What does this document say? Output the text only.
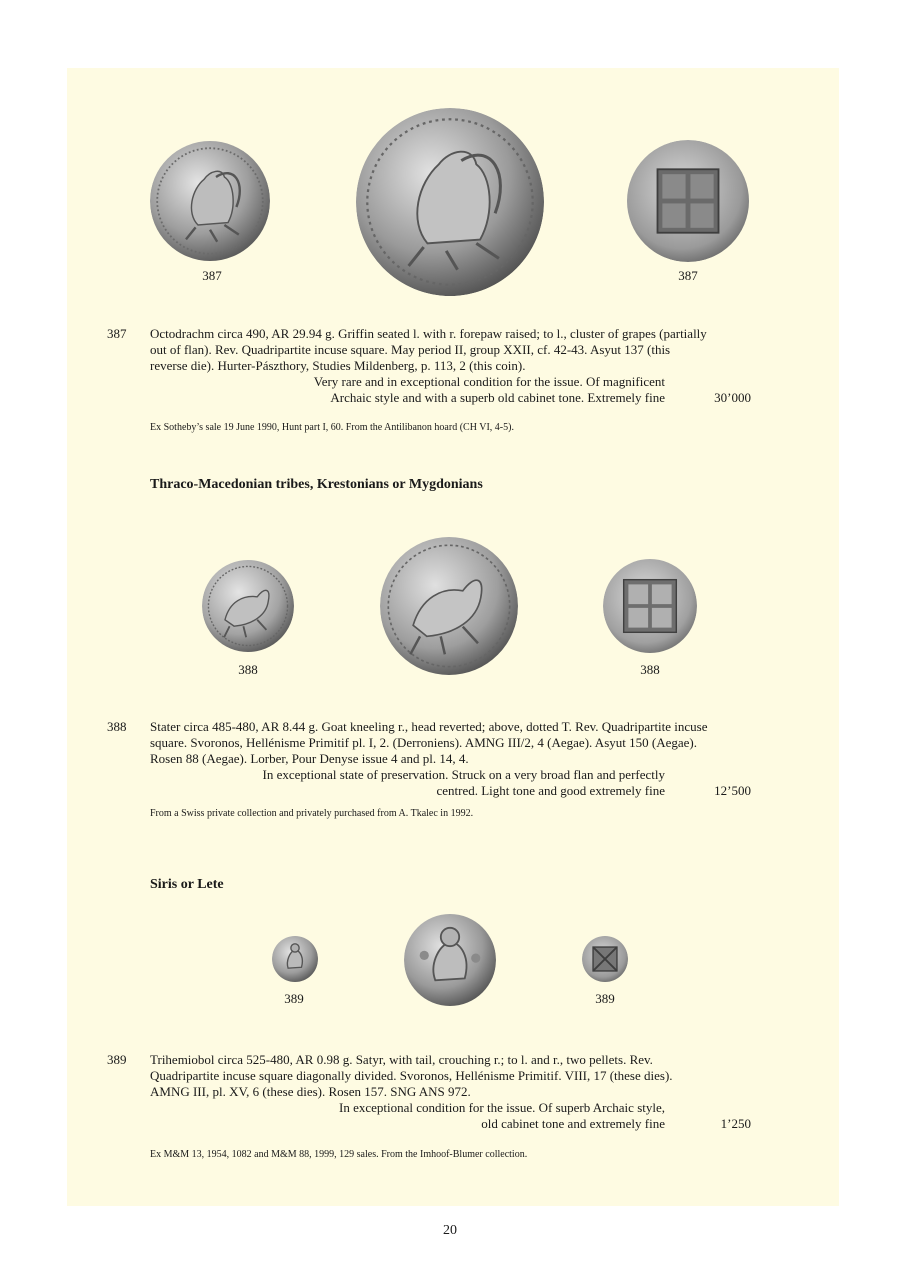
387	387
387 Octodrachm circa 490, AR 29.94 g. Griffin seated l. with r. forepaw raised; to l., cluster of grapes (partially

out of flan). Rev. Quadripartite incuse square. May period II, group XXII, cf. 42-43. Asyut 137 (this

reverse die). Hurter-Pászthory, Studies Mildenberg, p. 113, 2 (this coin).

Very rare and in exceptional condition for the issue. Of magnificent
Archaic style and with a superb old cabinet tone. Extremely fine	30’000
Ex Sotheby’s sale 19 June 1990, Hunt part I, 60. From the Antilibanon hoard (CH VI, 4-5).
Thraco-Macedonian tribes, Krestonians or Mygdonians
388	388
388 Stater circa 485-480, AR 8.44 g. Goat kneeling r., head reverted; above, dotted T. Rev. Quadripartite incuse

square. Svoronos, Hellénisme Primitif pl. I, 2. (Derroniens). AMNG III/2, 4 (Aegae). Asyut 150 (Aegae).

Rosen 88 (Aegae). Lorber, Pour Denyse issue 4 and pl. 14, 4.

In exceptional state of preservation. Struck on a very broad flan and perfectly
centred. Light tone and good extremely fine	12’500
From a Swiss private collection and privately purchased from A. Tkalec in 1992.
Siris or Lete
389	389
389 Trihemiobol circa 525-480, AR 0.98 g. Satyr, with tail, crouching r.; to l. and r., two pellets. Rev.

Quadripartite incuse square diagonally divided. Svoronos, Hellénisme Primitif. VIII, 17 (these dies).

AMNG III, pl. XV, 6 (these dies). Rosen 157. SNG ANS 972.

In exceptional condition for the issue. Of superb Archaic style,
old cabinet tone and extremely fine	1’250
Ex M&M 13, 1954, 1082 and M&M 88, 1999, 129 sales. From the Imhoof-Blumer collection.
20
